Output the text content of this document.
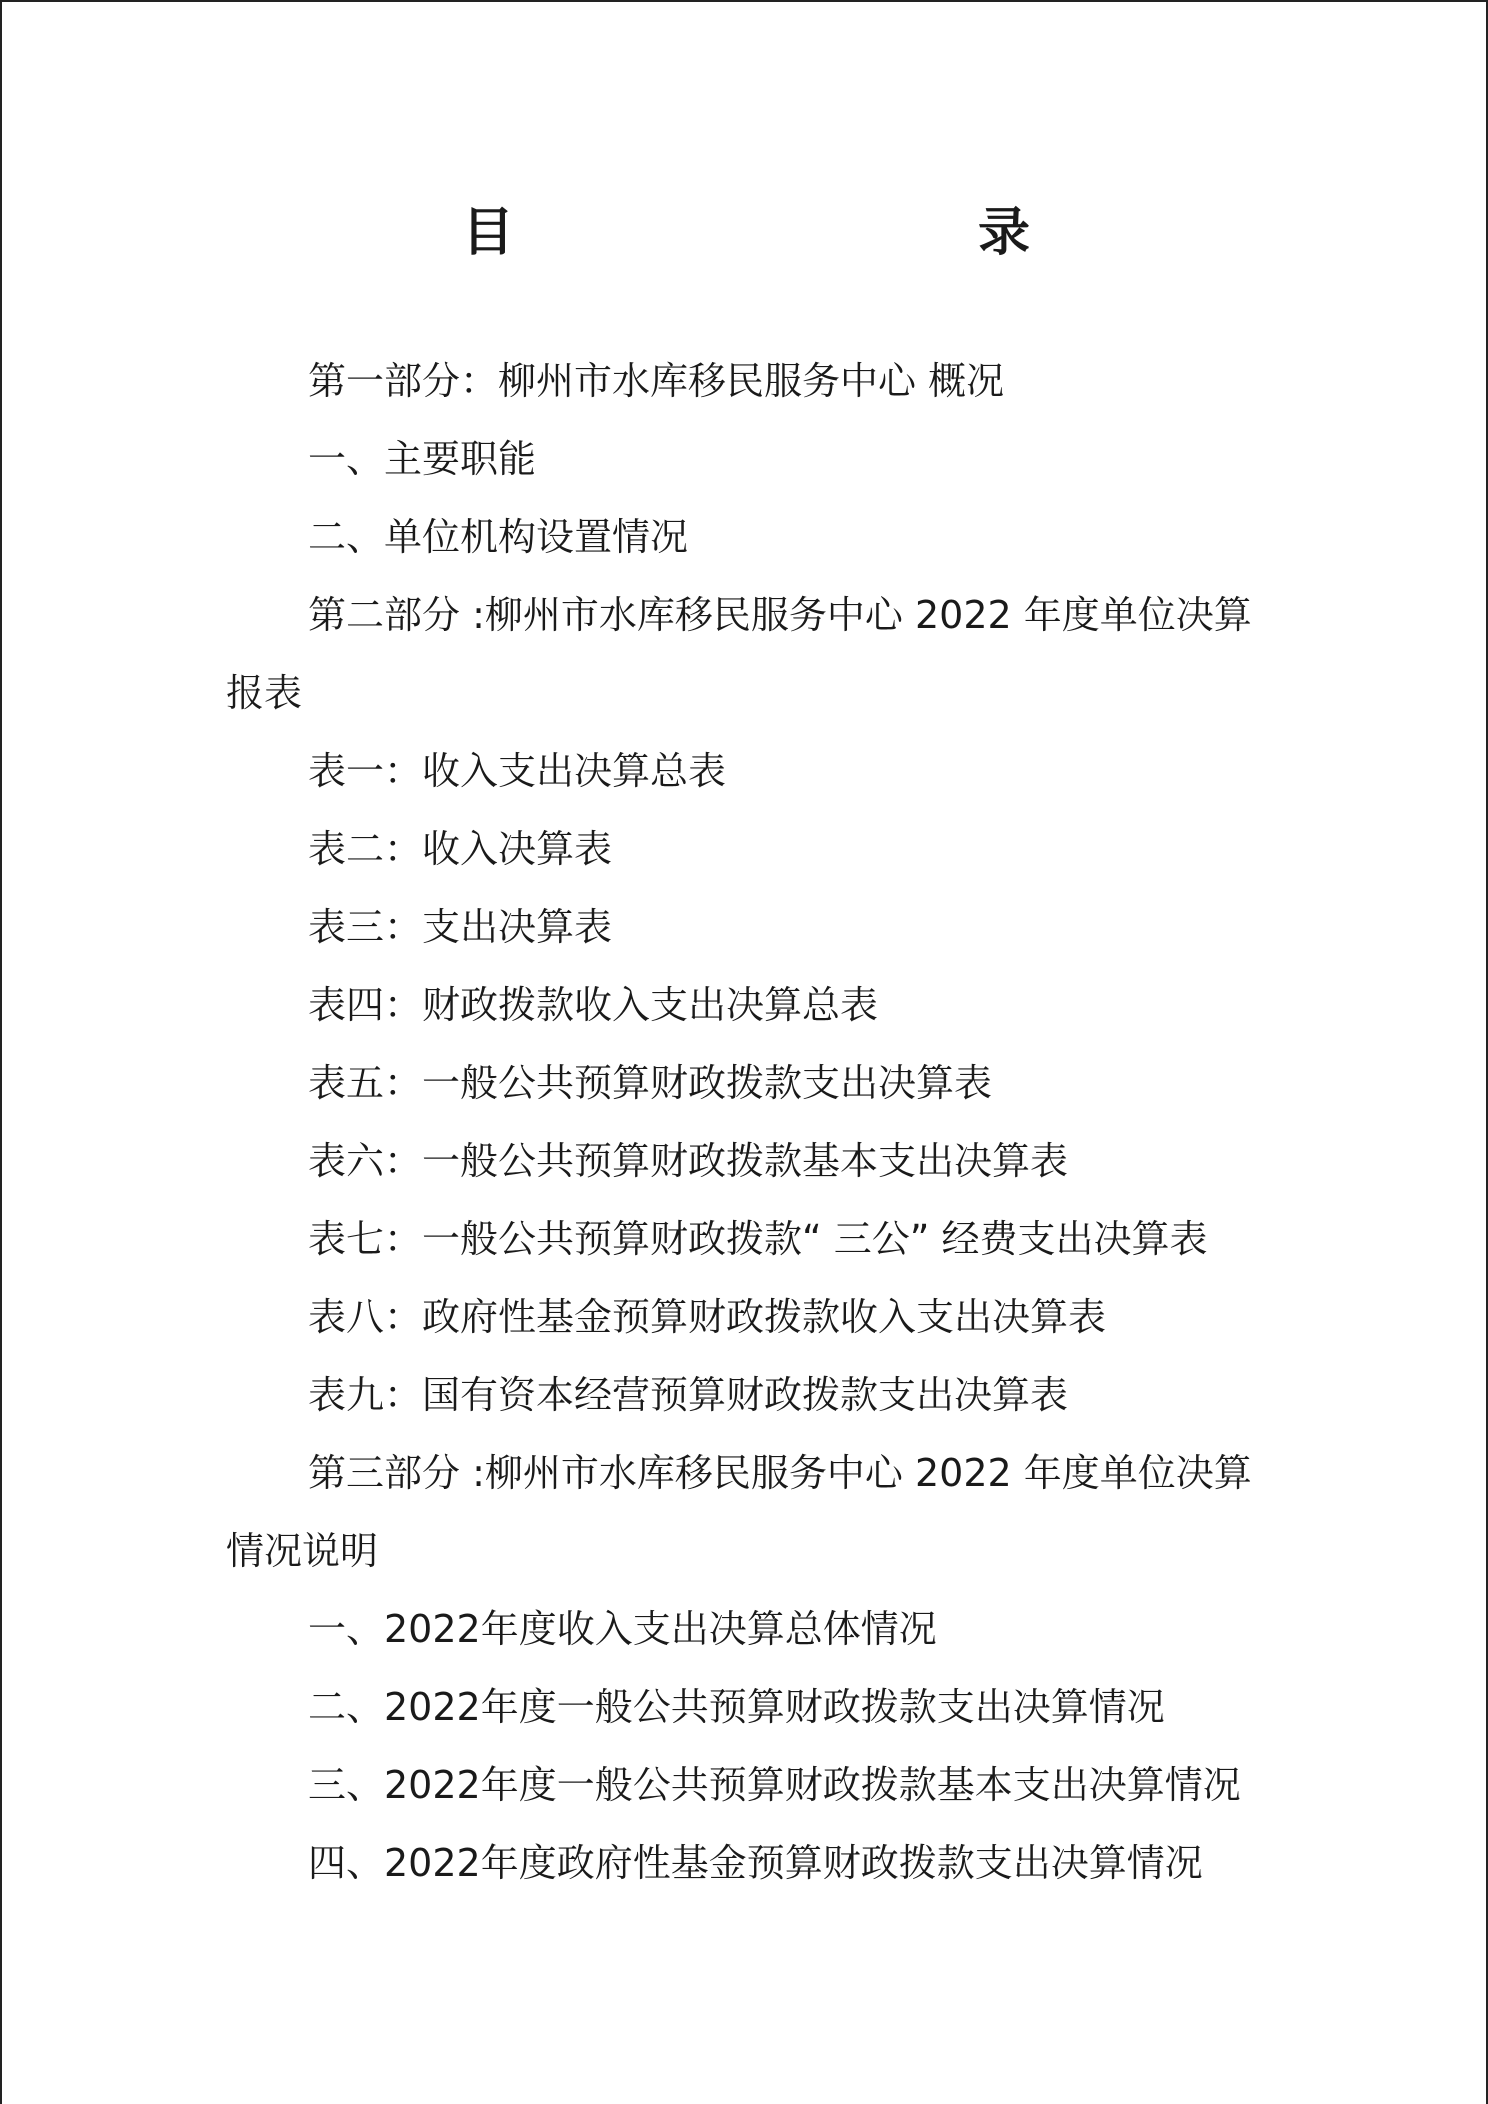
目　　录
第一部分：柳州市水库移民服务中心 概况
一、主要职能
二、单位机构设置情况
第二部分 :柳州市水库移民服务中心 2022 年度单位决算
报表
表一：收入支出决算总表
表二：收入决算表
表三：支出决算表
表四：财政拨款收入支出决算总表
表五：一般公共预算财政拨款支出决算表
表六：一般公共预算财政拨款基本支出决算表
表七：一般公共预算财政拨款“ 三公” 经费支出决算表
表八：政府性基金预算财政拨款收入支出决算表
表九：国有资本经营预算财政拨款支出决算表
第三部分 :柳州市水库移民服务中心 2022 年度单位决算
情况说明
一、2022年度收入支出决算总体情况
二、2022年度一般公共预算财政拨款支出决算情况
三、2022年度一般公共预算财政拨款基本支出决算情况
四、2022年度政府性基金预算财政拨款支出决算情况
